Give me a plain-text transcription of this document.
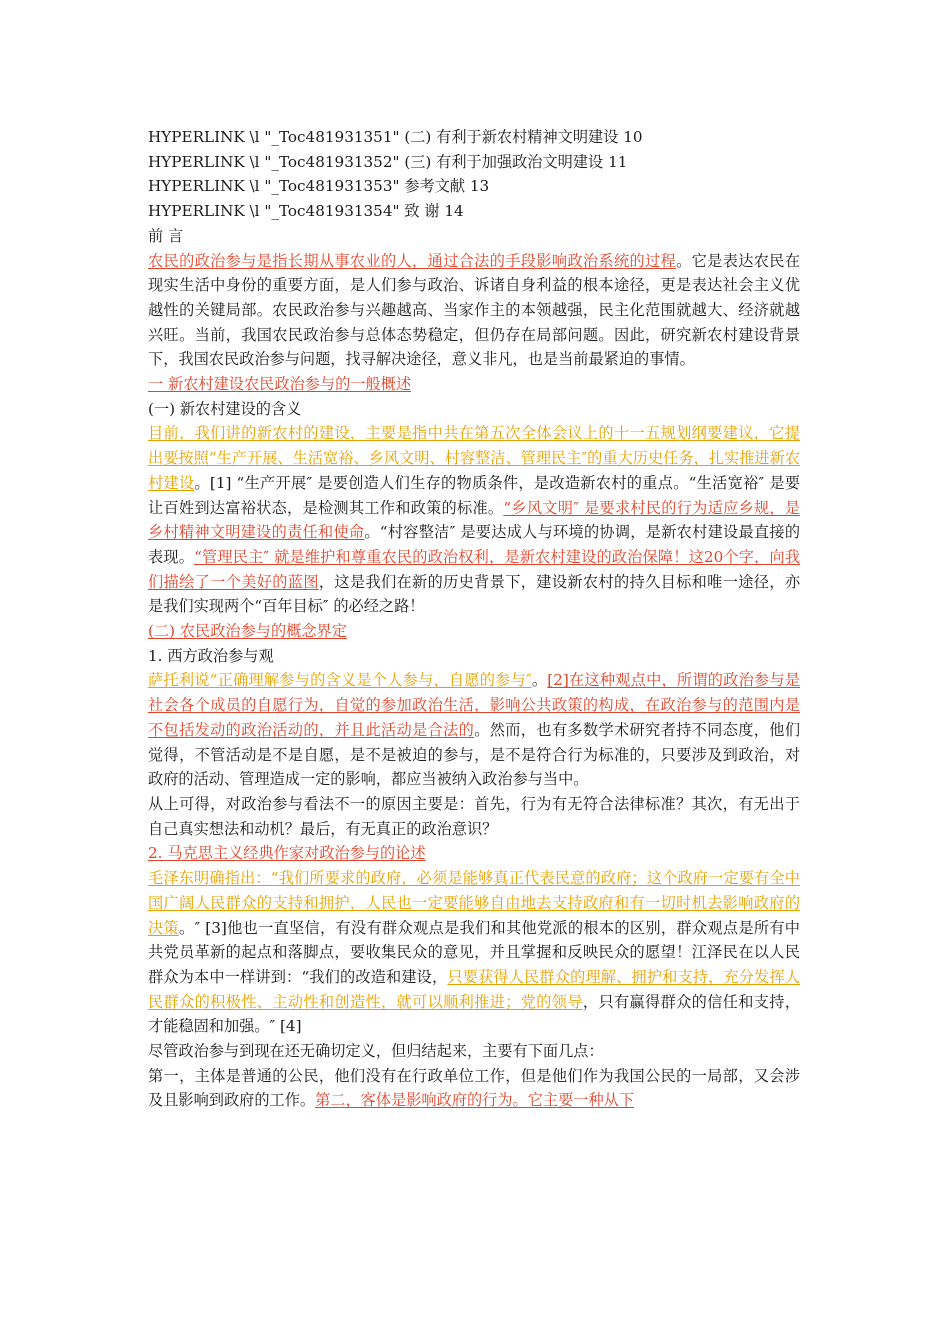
HYPERLINK \l "_Toc481931351" (二) 有利于新农村精神文明建设 10

HYPERLINK \l "_Toc481931352" (三) 有利于加强政治文明建设 11

HYPERLINK \l "_Toc481931353" 参考文献 13

HYPERLINK \l "_Toc481931354" 致 谢 14

前 言

农民的政治参与是指长期从事农业的人，通过合法的手段影响政治系统的过程。它是表达农民在现实生活中身份的重要方面，是人们参与政治、诉诸自身利益的根本途径，更是表达社会主义优越性的关键局部。农民政治参与兴趣越高、当家作主的本领越强，民主化范围就越大、经济就越兴旺。当前，我国农民政治参与总体态势稳定，但仍存在局部问题。因此，研究新农村建设背景下，我国农民政治参与问题，找寻解决途径，意义非凡，也是当前最紧迫的事情。

一 新农村建设农民政治参与的一般概述

(一) 新农村建设的含义

目前，我们讲的新农村的建设，主要是指中共在第五次全体会议上的十一五规划纲要建议，它提出要按照“生产开展、生活宽裕、乡风文明、村容整洁、管理民主″的重大历史任务，扎实推进新农村建设。[1] “生产开展″ 是要创造人们生存的物质条件，是改造新农村的重点。“生活宽裕″ 是要让百姓到达富裕状态，是检测其工作和政策的标准。“乡风文明″ 是要求村民的行为适应乡规，是乡村精神文明建设的责任和使命。“村容整洁″ 是要达成人与环境的协调，是新农村建设最直接的表现。“管理民主″ 就是维护和尊重农民的政治权利，是新农村建设的政治保障！这20个字，向我们描绘了一个美好的蓝图，这是我们在新的历史背景下，建设新农村的持久目标和唯一途径，亦是我们实现两个“百年目标″ 的必经之路！

(二) 农民政治参与的概念界定

1. 西方政治参与观

萨托利说“正确理解参与的含义是个人参与，自愿的参与″。[2]在这种观点中，所谓的政治参与是社会各个成员的自愿行为，自觉的参加政治生活，影响公共政策的构成，在政治参与的范围内是不包括发动的政治活动的，并且此活动是合法的。然而，也有多数学术研究者持不同态度，他们觉得，不管活动是不是自愿，是不是被迫的参与，是不是符合行为标准的，只要涉及到政治，对政府的活动、管理造成一定的影响，都应当被纳入政治参与当中。

从上可得，对政治参与看法不一的原因主要是：首先，行为有无符合法律标准？其次，有无出于自己真实想法和动机？最后，有无真正的政治意识？

2. 马克思主义经典作家对政治参与的论述

毛泽东明确指出：“我们所要求的政府，必须是能够真正代表民意的政府；这个政府一定要有全中国广阔人民群众的支持和拥护，人民也一定要能够自由地去支持政府和有一切时机去影响政府的决策。″ [3]他也一直坚信，有没有群众观点是我们和其他党派的根本的区别，群众观点是所有中共党员革新的起点和落脚点，要收集民众的意见，并且掌握和反映民众的愿望！江泽民在以人民群众为本中一样讲到：“我们的改造和建设，只要获得人民群众的理解、拥护和支持，充分发挥人民群众的积极性、主动性和创造性，就可以顺利推进；党的领导，只有赢得群众的信任和支持，才能稳固和加强。″ [4]

尽管政治参与到现在还无确切定义，但归结起来，主要有下面几点：

第一，主体是普通的公民，他们没有在行政单位工作，但是他们作为我国公民的一局部，又会涉及且影响到政府的工作。第二，客体是影响政府的行为。它主要一种从下
